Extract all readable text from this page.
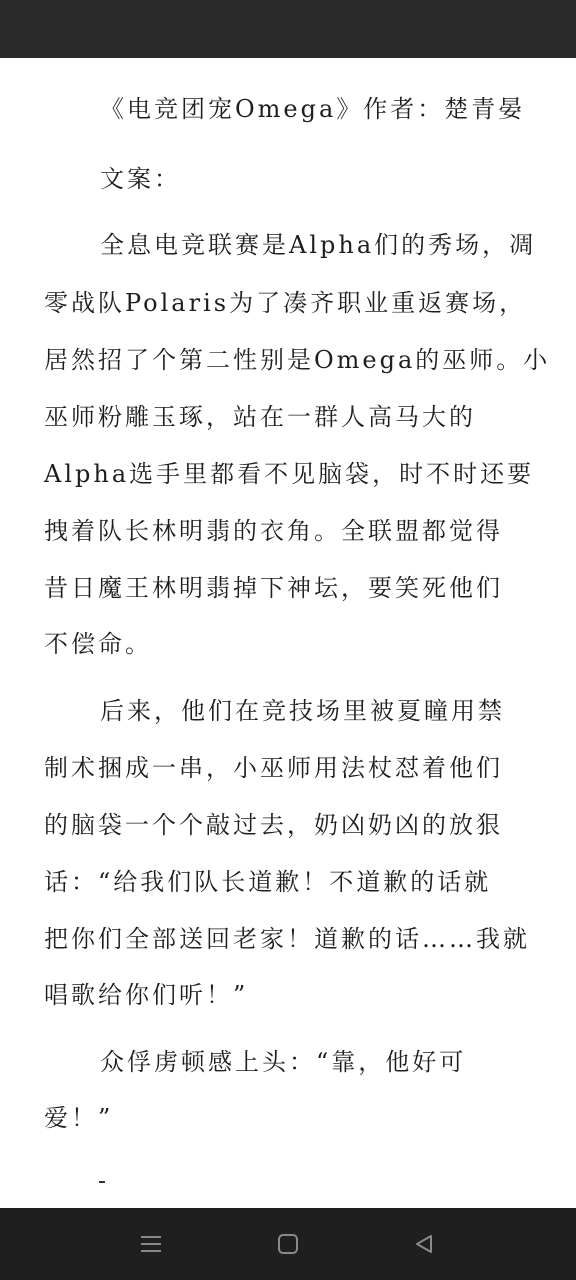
《电竞团宠Omega》作者：楚青晏
文案：
全息电竞联赛是Alpha们的秀场，凋
零战队Polaris为了凑齐职业重返赛场，
居然招了个第二性别是Omega的巫师。小
巫师粉雕玉琢，站在一群人高马大的
Alpha选手里都看不见脑袋，时不时还要
拽着队长林明翡的衣角。全联盟都觉得
昔日魔王林明翡掉下神坛，要笑死他们
不偿命。
后来，他们在竞技场里被夏瞳用禁
制术捆成一串，小巫师用法杖怼着他们
的脑袋一个个敲过去，奶凶奶凶的放狠
话：“给我们队长道歉！不道歉的话就
把你们全部送回老家！道歉的话……我就
唱歌给你们听！”
众俘虏顿感上头：“靠，他好可
爱！”
